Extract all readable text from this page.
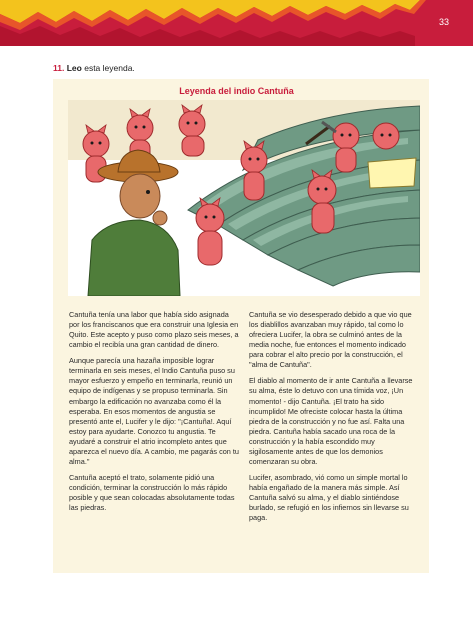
33
11. Leo esta leyenda.
Leyenda del indio Cantuña

Cantuña tenía una labor que había sido asignada por los franciscanos que era construir una Iglesia en Quito. Este acepto y puso como plazo seis meses, a cambio el recibía una gran cantidad de dinero.

Aunque parecía una hazaña imposible lograr terminarla en seis meses, el Indio Cantuña puso su mayor esfuerzo y empeño en terminarla, reunió un equipo de indígenas y se propuso terminarla. Sin embargo la edificación no avanzaba como él la esperaba. En esos momentos de angustia se presentó ante el, Lucifer y le dijo: "¡Cantuña!. Aquí estoy para ayudarte. Conozco tu angustia. Te ayudaré a construir el atrio incompleto antes que aparezca el nuevo día. A cambio, me pagarás con tu alma."

Cantuña aceptó el trato, solamente pidió una condición, terminar la construcción lo más rápido posible y que sean colocadas absolutamente todas las piedras.

Cantuña se vio desesperado debido a que vio que los diablillos avanzaban muy rápido, tal como lo ofreciera Lucifer, la obra se culminó antes de la media noche, fue entonces el momento indicado para cobrar el alto precio por la construcción, el "alma de Cantuña".

El diablo al momento de ir ante Cantuña a llevarse su alma, éste lo detuvo con una tímida voz, ¡Un momento! - dijo Cantuña. ¡El trato ha sido incumplido! Me ofreciste colocar hasta la última piedra de la construcción y no fue así. Falta una piedra. Cantuña había sacado una roca de la construcción y la había escondido muy sigilosamente antes de que los demonios comenzaran su obra.

Lucifer, asombrado, vió como un simple mortal lo había engañado de la manera más simple. Así Cantuña salvó su alma, y el diablo sintiéndose burlado, se refugió en los infiernos sin llevarse su paga.
